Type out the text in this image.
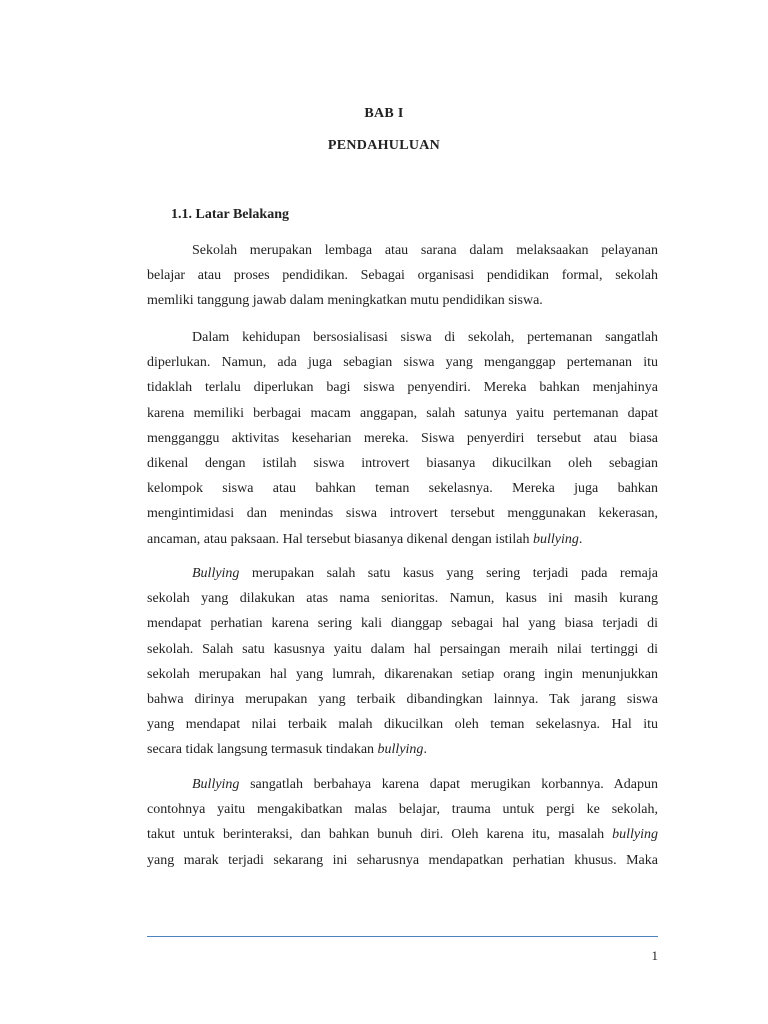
BAB I
PENDAHULUAN
1.1. Latar Belakang
Sekolah merupakan lembaga atau sarana dalam melaksaakan pelayanan
belajar atau proses pendidikan. Sebagai organisasi pendidikan formal, sekolah
memliki tanggung jawab dalam meningkatkan mutu pendidikan siswa.
Dalam kehidupan bersosialisasi siswa di sekolah, pertemanan sangatlah
diperlukan. Namun, ada juga sebagian siswa yang menganggap pertemanan itu
tidaklah terlalu diperlukan bagi siswa penyendiri. Mereka bahkan menjahinya
karena memiliki berbagai macam anggapan, salah satunya yaitu pertemanan dapat
mengganggu aktivitas keseharian mereka. Siswa penyerdiri tersebut atau biasa
dikenal dengan istilah siswa introvert biasanya dikucilkan oleh sebagian
kelompok siswa atau bahkan teman sekelasnya. Mereka juga bahkan
mengintimidasi dan menindas siswa introvert tersebut menggunakan kekerasan,
ancaman, atau paksaan. Hal tersebut biasanya dikenal dengan istilah bullying.
Bullying merupakan salah satu kasus yang sering terjadi pada remaja
sekolah yang dilakukan atas nama senioritas. Namun, kasus ini masih kurang
mendapat perhatian karena sering kali dianggap sebagai hal yang biasa terjadi di
sekolah. Salah satu kasusnya yaitu dalam hal persaingan meraih nilai tertinggi di
sekolah merupakan hal yang lumrah, dikarenakan setiap orang ingin menunjukkan
bahwa dirinya merupakan yang terbaik dibandingkan lainnya. Tak jarang siswa
yang mendapat nilai terbaik malah dikucilkan oleh teman sekelasnya. Hal itu
secara tidak langsung termasuk tindakan bullying.
Bullying sangatlah berbahaya karena dapat merugikan korbannya. Adapun
contohnya yaitu mengakibatkan malas belajar, trauma untuk pergi ke sekolah,
takut untuk berinteraksi, dan bahkan bunuh diri. Oleh karena itu, masalah bullying
yang marak terjadi sekarang ini seharusnya mendapatkan perhatian khusus. Maka
1
